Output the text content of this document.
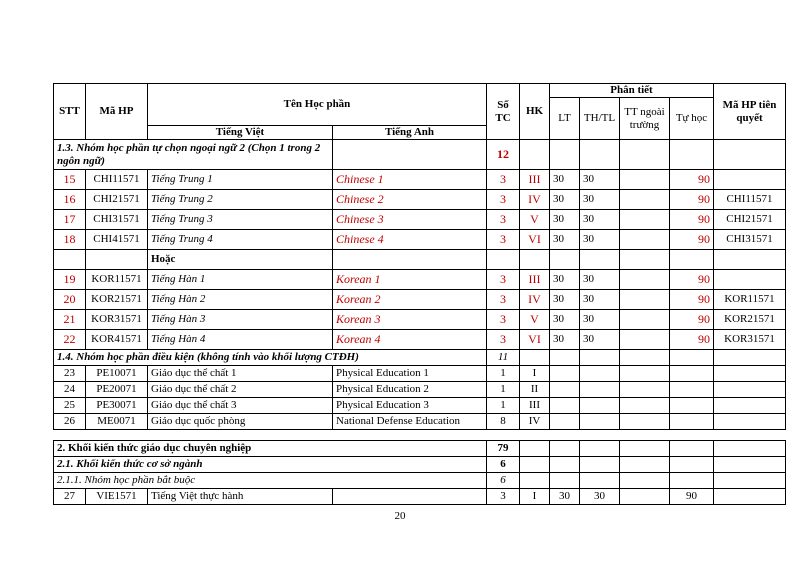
STT	Mã HP	Tên Học phần		Số TC	HK	Phân tiết				Mã HP tiên quyết
						LT	TH/TL	TT ngoài trường	Tự học	
		Tiếng Việt	Tiếng Anh							
1.3. Nhóm học phần tự chọn ngoại ngữ 2 (Chọn 1 trong 2 ngôn ngữ)				12						
15	CHI11571	Tiếng Trung 1	Chinese 1	3	III	30	30		90	
16	CHI21571	Tiếng Trung 2	Chinese 2	3	IV	30	30		90	CHI11571
17	CHI31571	Tiếng Trung 3	Chinese 3	3	V	30	30		90	CHI21571
18	CHI41571	Tiếng Trung 4	Chinese 4	3	VI	30	30		90	CHI31571
		Hoặc								
19	KOR11571	Tiếng Hàn 1	Korean 1	3	III	30	30		90	
20	KOR21571	Tiếng Hàn 2	Korean 2	3	IV	30	30		90	KOR11571
21	KOR31571	Tiếng Hàn 3	Korean 3	3	V	30	30		90	KOR21571
22	KOR41571	Tiếng Hàn 4	Korean 4	3	VI	30	30		90	KOR31571
1.4. Nhóm học phần điều kiện (không tính vào khối lượng CTĐH)				11						
23	PE10071	Giáo dục thể chất 1	Physical Education 1	1	I					
24	PE20071	Giáo dục thể chất 2	Physical Education 2	1	II					
25	PE30071	Giáo dục thể chất 3	Physical Education 3	1	III					
26	ME0071	Giáo dục quốc phòng	National Defense Education	8	IV					
2. Khối kiến thức giáo dục chuyên nghiệp				79						
2.1. Khối kiến thức cơ sở ngành				6						
2.1.1. Nhóm học phần bắt buộc				6						
27	VIE1571	Tiếng Việt thực hành		3	I	30	30		90	
20
